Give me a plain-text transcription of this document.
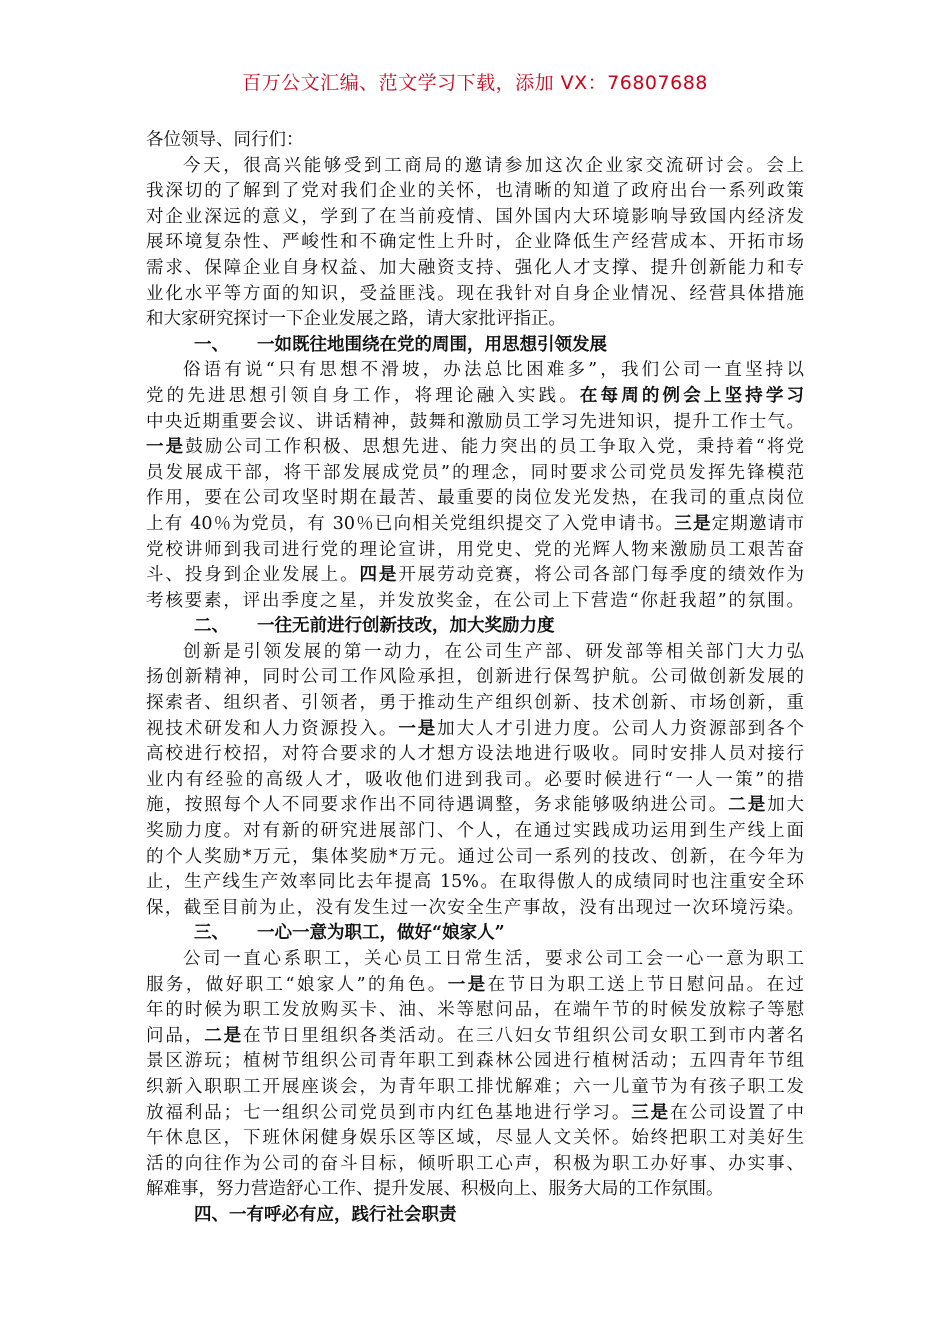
百万公文汇编、范文学习下载，添加 VX：76807688
各位领导、同行们：
今天，很高兴能够受到工商局的邀请参加这次企业家交流研讨会。会上
我深切的了解到了党对我们企业的关怀，也清晰的知道了政府出台一系列政策
对企业深远的意义，学到了在当前疫情、国外国内大环境影响导致国内经济发
展环境复杂性、严峻性和不确定性上升时，企业降低生产经营成本、开拓市场
需求、保障企业自身权益、加大融资支持、强化人才支撑、提升创新能力和专
业化水平等方面的知识，受益匪浅。现在我针对自身企业情况、经营具体措施
和大家研究探讨一下企业发展之路，请大家批评指正。
一、 一如既往地围绕在党的周围，用思想引领发展
俗语有说“只有思想不滑坡，办法总比困难多”，我们公司一直坚持以
党的先进思想引领自身工作，将理论融入实践。在每周的例会上坚持学习
中央近期重要会议、讲话精神，鼓舞和激励员工学习先进知识，提升工作士气。
一是鼓励公司工作积极、思想先进、能力突出的员工争取入党，秉持着“将党
员发展成干部，将干部发展成党员”的理念，同时要求公司党员发挥先锋模范
作用，要在公司攻坚时期在最苦、最重要的岗位发光发热，在我司的重点岗位
上有 40％为党员，有 30％已向相关党组织提交了入党申请书。三是定期邀请市
党校讲师到我司进行党的理论宣讲，用党史、党的光辉人物来激励员工艰苦奋
斗、投身到企业发展上。四是开展劳动竞赛，将公司各部门每季度的绩效作为
考核要素，评出季度之星，并发放奖金，在公司上下营造“你赶我超”的氛围。
二、 一往无前进行创新技改，加大奖励力度
创新是引领发展的第一动力，在公司生产部、研发部等相关部门大力弘
扬创新精神，同时公司工作风险承担，创新进行保驾护航。公司做创新发展的
探索者、组织者、引领者，勇于推动生产组织创新、技术创新、市场创新，重
视技术研发和人力资源投入。一是加大人才引进力度。公司人力资源部到各个
高校进行校招，对符合要求的人才想方设法地进行吸收。同时安排人员对接行
业内有经验的高级人才，吸收他们进到我司。必要时候进行“一人一策”的措
施，按照每个人不同要求作出不同待遇调整，务求能够吸纳进公司。二是加大
奖励力度。对有新的研究进展部门、个人，在通过实践成功运用到生产线上面
的个人奖励*万元，集体奖励*万元。通过公司一系列的技改、创新，在今年为
止，生产线生产效率同比去年提高 15%。在取得傲人的成绩同时也注重安全环
保，截至目前为止，没有发生过一次安全生产事故，没有出现过一次环境污染。
三、 一心一意为职工，做好“娘家人”
公司一直心系职工，关心员工日常生活，要求公司工会一心一意为职工
服务，做好职工“娘家人”的角色。一是在节日为职工送上节日慰问品。在过
年的时候为职工发放购买卡、油、米等慰问品，在端午节的时候发放粽子等慰
问品，二是在节日里组织各类活动。在三八妇女节组织公司女职工到市内著名
景区游玩；植树节组织公司青年职工到森林公园进行植树活动；五四青年节组
织新入职职工开展座谈会，为青年职工排忧解难；六一儿童节为有孩子职工发
放福利品；七一组织公司党员到市内红色基地进行学习。三是在公司设置了中
午休息区，下班休闲健身娱乐区等区域，尽显人文关怀。始终把职工对美好生
活的向往作为公司的奋斗目标，倾听职工心声，积极为职工办好事、办实事、
解难事，努力营造舒心工作、提升发展、积极向上、服务大局的工作氛围。
四、一有呼必有应，践行社会职责
